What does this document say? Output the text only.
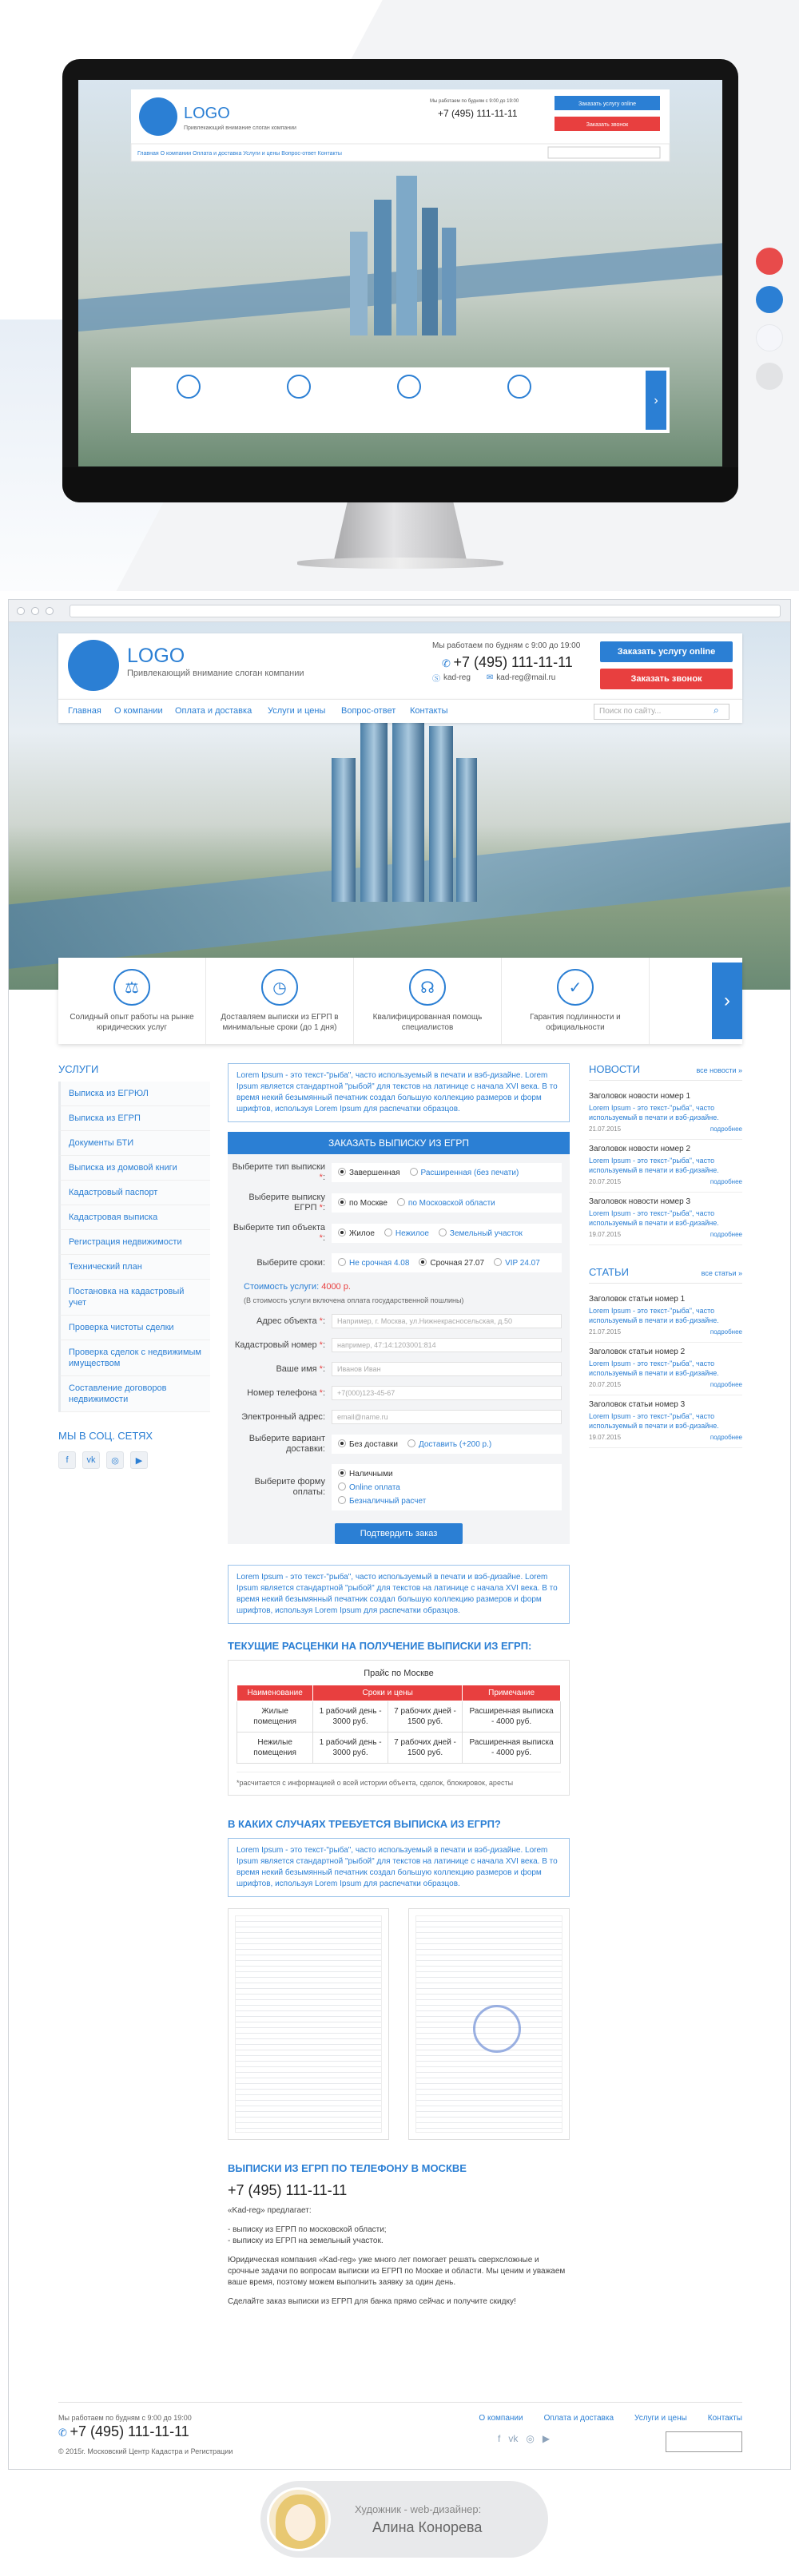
LOGO
Привлекающий внимание слоган компании
Мы работаем по будням с 9:00 до 19:00
+7 (495) 111-11-11
Заказать услугу online
Заказать звонок
Главная О компании Оплата и доставка Услуги и цены Вопрос-ответ Контакты
›
LOGO
Привлекающий внимание слоган компании
Мы работаем по будням с 9:00 до 19:00
✆ +7 (495) 111-11-11
Ⓢ kad-reg ✉ kad-reg@mail.ru
Заказать услугу online
Заказать звонок
Главная О компании Оплата и доставка Услуги и цены Вопрос-ответ Контакты	Поиск по сайту...	⌕
⚖
Солидный опыт работы на рынке юридических услуг
◷
Доставляем выписки из ЕГРП в минимальные сроки (до 1 дня)
☊
Квалифицированная помощь специалистов
✓
Гарантия подлинности и официальности
›
УСЛУГИ
Выписка из ЕГРЮЛ
Выписка из ЕГРП
Документы БТИ
Выписка из домовой книги
Кадастровый паспорт
Кадастровая выписка
Регистрация недвижимости
Технический план
Постановка на кадастровый учет
Проверка чистоты сделки
Проверка сделок с недвижимым имуществом
Составление договоров недвижимости
МЫ В СОЦ. СЕТЯХ
f	vk	◎	▶
Lorem Ipsum - это текст-"рыба", часто используемый в печати и вэб-дизайне. Lorem Ipsum является стандартной "рыбой" для текстов на латинице с начала XVI века. В то время некий безымянный печатник создал большую коллекцию размеров и форм шрифтов, используя Lorem Ipsum для распечатки образцов.
ЗАКАЗАТЬ ВЫПИСКУ ИЗ ЕГРП
Выберите тип выписки *:	Завершенная	Расширенная (без печати)
Выберите выписку ЕГРП *:	по Москве	по Московской области
Выберите тип объекта *:	Жилое	Нежилое	Земельный участок
Выберите сроки:	Не срочная 4.08	Срочная 27.07	VIP 24.07
Стоимость услуги: 4000 р.
(В стоимость услуги включена оплата государственной пошлины)
Адрес объекта *:	Например, г. Москва, ул.Нижнекрасносельская, д.50
Кадастровый номер *:	например, 47:14:1203001:814
Ваше имя *:	Иванов Иван
Номер телефона *:	+7(000)123-45-67
Электронный адрес:	email@name.ru
Выберите вариант доставки:	Без доставки	Доставить (+200 р.)
Выберите форму оплаты:
Наличными
Online оплата
Безналичный расчет
Подтвердить заказ
Lorem Ipsum - это текст-"рыба", часто используемый в печати и вэб-дизайне. Lorem Ipsum является стандартной "рыбой" для текстов на латинице с начала XVI века. В то время некий безымянный печатник создал большую коллекцию размеров и форм шрифтов, используя Lorem Ipsum для распечатки образцов.
ТЕКУЩИЕ РАСЦЕНКИ НА ПОЛУЧЕНИЕ ВЫПИСКИ ИЗ ЕГРП:
Прайс по Москве
Наименование	Сроки и цены		Примечание
Жилые помещения	1 рабочий день - 3000 руб.	7 рабочих дней - 1500 руб.	Расширенная выписка - 4000 руб.
Нежилые помещения	1 рабочий день - 3000 руб.	7 рабочих дней - 1500 руб.	Расширенная выписка - 4000 руб.
*расчитается с информацией о всей истории объекта, сделок, блокировок, аресты
В КАКИХ СЛУЧАЯХ ТРЕБУЕТСЯ ВЫПИСКА ИЗ ЕГРП?
Lorem Ipsum - это текст-"рыба", часто используемый в печати и вэб-дизайне. Lorem Ipsum является стандартной "рыбой" для текстов на латинице с начала XVI века. В то время некий безымянный печатник создал большую коллекцию размеров и форм шрифтов, используя Lorem Ipsum для распечатки образцов.
ВЫПИСКИ ИЗ ЕГРП ПО ТЕЛЕФОНУ В МОСКВЕ
+7 (495) 111-11-11
«Kad-reg» предлагает:
- выписку из ЕГРП по московской области;
- выписку из ЕГРП на земельный участок.
Юридическая компания «Kad-reg» уже много лет помогает решать сверхсложные и срочные задачи по вопросам выписки из ЕГРП по Москве и области. Мы ценим и уважаем ваше время, поэтому можем выполнить заявку за один день.
Сделайте заказ выписки из ЕГРП для банка прямо сейчас и получите скидку!
НОВОСТИ	все новости »
Заголовок новости номер 1
Lorem Ipsum - это текст-"рыба", часто используемый в печати и вэб-дизайне.
21.07.2015	подробнее
Заголовок новости номер 2
Lorem Ipsum - это текст-"рыба", часто используемый в печати и вэб-дизайне.
20.07.2015	подробнее
Заголовок новости номер 3
Lorem Ipsum - это текст-"рыба", часто используемый в печати и вэб-дизайне.
19.07.2015	подробнее
СТАТЬИ	все статьи »
Заголовок статьи номер 1
Lorem Ipsum - это текст-"рыба", часто используемый в печати и вэб-дизайне.
21.07.2015	подробнее
Заголовок статьи номер 2
Lorem Ipsum - это текст-"рыба", часто используемый в печати и вэб-дизайне.
20.07.2015	подробнее
Заголовок статьи номер 3
Lorem Ipsum - это текст-"рыба", часто используемый в печати и вэб-дизайне.
19.07.2015	подробнее
Мы работаем по будням с 9:00 до 19:00
✆ +7 (495) 111-11-11
© 2015г. Московский Центр Кадастра и Регистрации
О компании	Оплата и доставка	Услуги и цены	Контакты
f vk ◎ ▶
Художник - web-дизайнер:
Алина Конорева
